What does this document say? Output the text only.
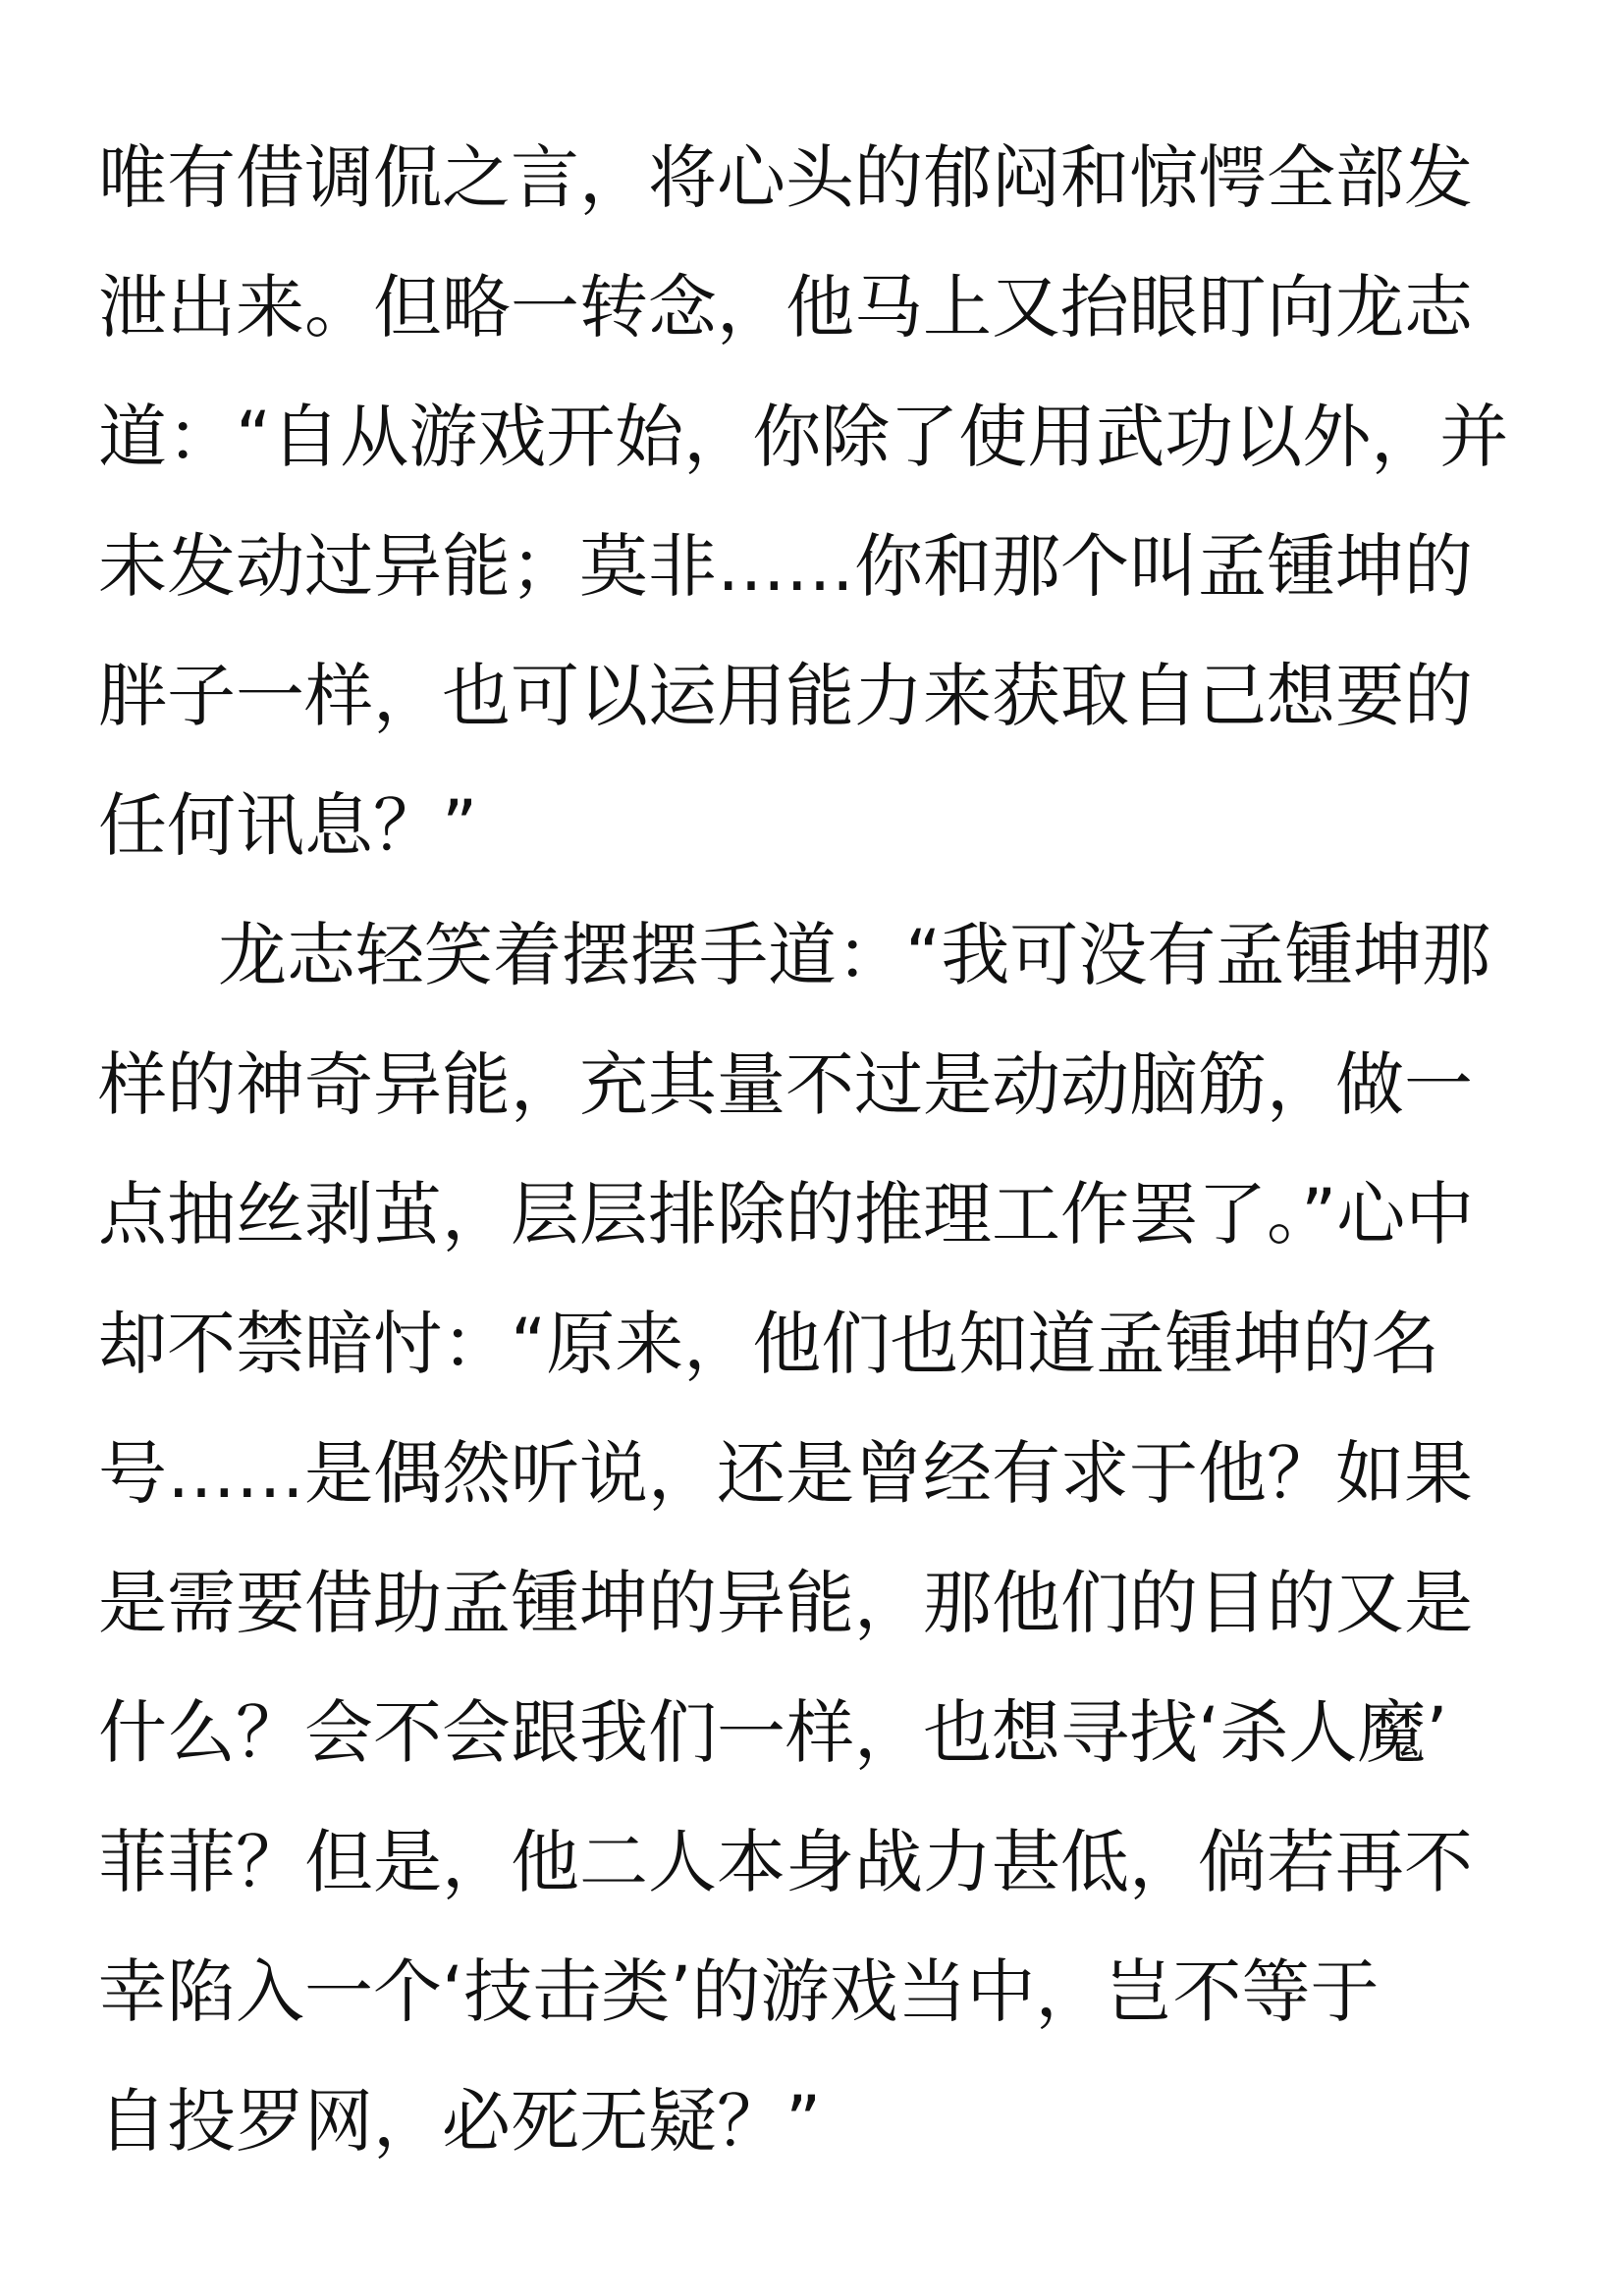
唯有借调侃之言，将心头的郁闷和惊愕全部发
泄出来。但略一转念，他马上又抬眼盯向龙志
道：“自从游戏开始，你除了使用武功以外，并
未发动过异能；莫非……你和那个叫孟锺坤的
胖子一样，也可以运用能力来获取自己想要的
任何讯息？”
龙志轻笑着摆摆手道：“我可没有孟锺坤那
样的神奇异能，充其量不过是动动脑筋，做一
点抽丝剥茧，层层排除的推理工作罢了。”心中
却不禁暗忖：“原来，他们也知道孟锺坤的名
号……是偶然听说，还是曾经有求于他？如果
是需要借助孟锺坤的异能，那他们的目的又是
什么？会不会跟我们一样，也想寻找‘杀人魔’
菲菲？但是，他二人本身战力甚低，倘若再不
幸陷入一个‘技击类’的游戏当中，岂不等于
自投罗网，必死无疑？”
